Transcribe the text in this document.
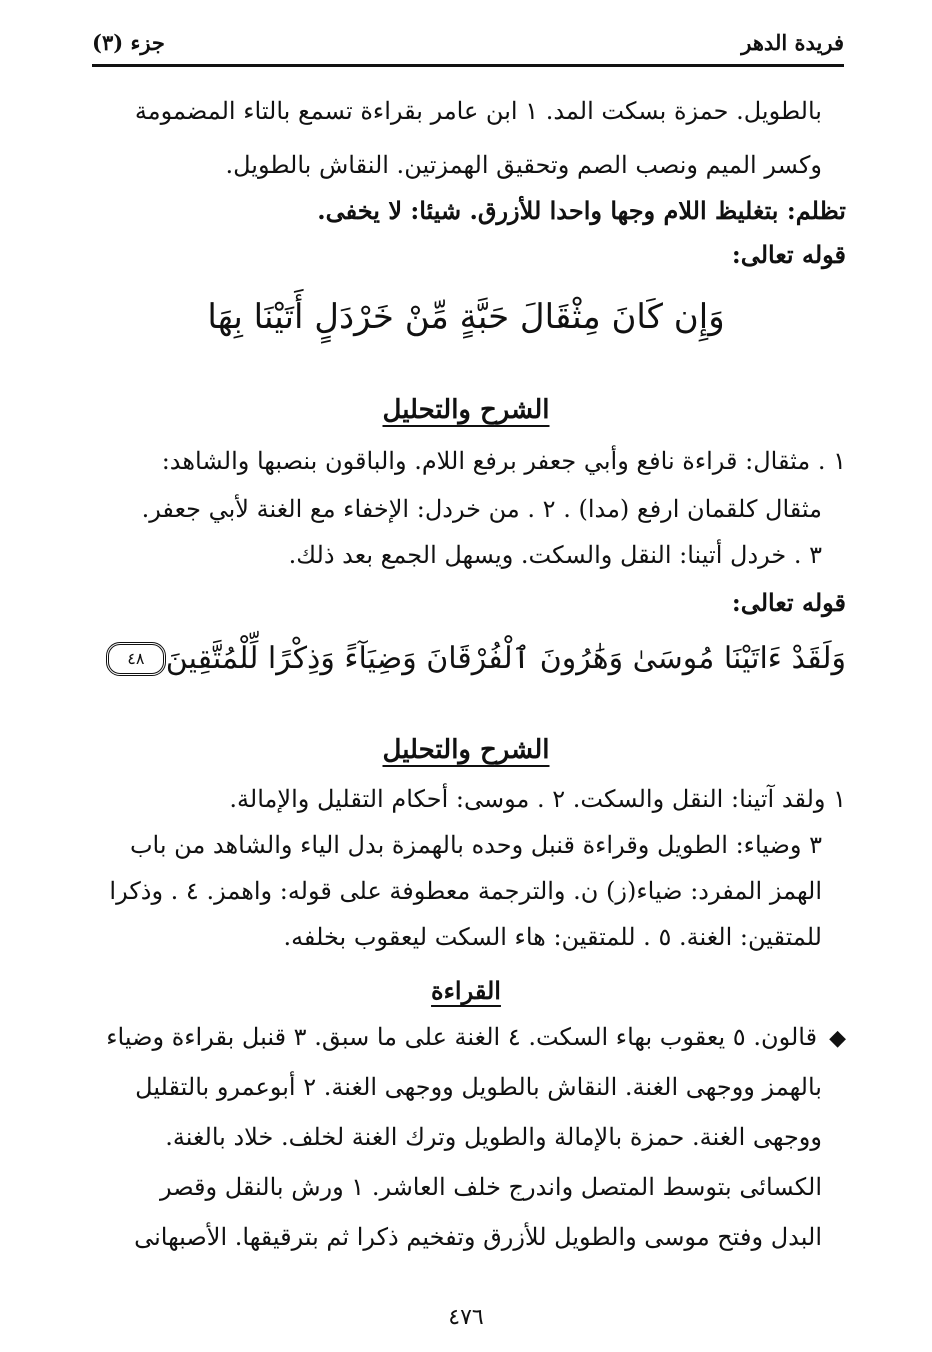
فريدة الدهر
جزء (٣)
بالطويل. حمزة بسكت المد. ١ ابن عامر بقراءة تسمع بالتاء المضمومة
وكسر الميم ونصب الصم وتحقيق الهمزتين. النقاش بالطويل.
تظلم: بتغليظ اللام وجها واحدا للأزرق. شيئا: لا يخفى.
قوله تعالى:
وَإِن كَانَ مِثْقَالَ حَبَّةٍ مِّنْ خَرْدَلٍ أَتَيْنَا بِهَا
الشرح والتحليل
١ . مثقال: قراءة نافع وأبي جعفر برفع اللام. والباقون بنصبها والشاهد:
مثقال كلقمان ارفع (مدا) . ٢ . من خردل: الإخفاء مع الغنة لأبي جعفر.
٣ . خردل أتينا: النقل والسكت. ويسهل الجمع بعد ذلك.
قوله تعالى:
وَلَقَدْ ءَاتَيْنَا مُوسَىٰ وَهَٰرُونَ ٱلْفُرْقَانَ وَضِيَآءً وَذِكْرًا لِّلْمُتَّقِينَ
٤٨
الشرح والتحليل
١ ولقد آتينا: النقل والسكت. ٢ . موسى: أحكام التقليل والإمالة.
٣ وضياء: الطويل وقراءة قنبل وحده بالهمزة بدل الياء والشاهد من باب
الهمز المفرد: ضياء(ز) ن. والترجمة معطوفة على قوله: واهمز. ٤ . وذكرا
للمتقين: الغنة. ٥ . للمتقين: هاء السكت ليعقوب بخلفه.
القراءة
◆قالون. ٥ يعقوب بهاء السكت. ٤ الغنة على ما سبق. ٣ قنبل بقراءة وضياء
بالهمز ووجهى الغنة. النقاش بالطويل ووجهى الغنة. ٢ أبوعمرو بالتقليل
ووجهى الغنة. حمزة بالإمالة والطويل وترك الغنة لخلف. خلاد بالغنة.
الكسائى بتوسط المتصل واندرج خلف العاشر. ١ ورش بالنقل وقصر
البدل وفتح موسى والطويل للأزرق وتفخيم ذكرا ثم بترقيقها. الأصبهانى
٤٧٦
